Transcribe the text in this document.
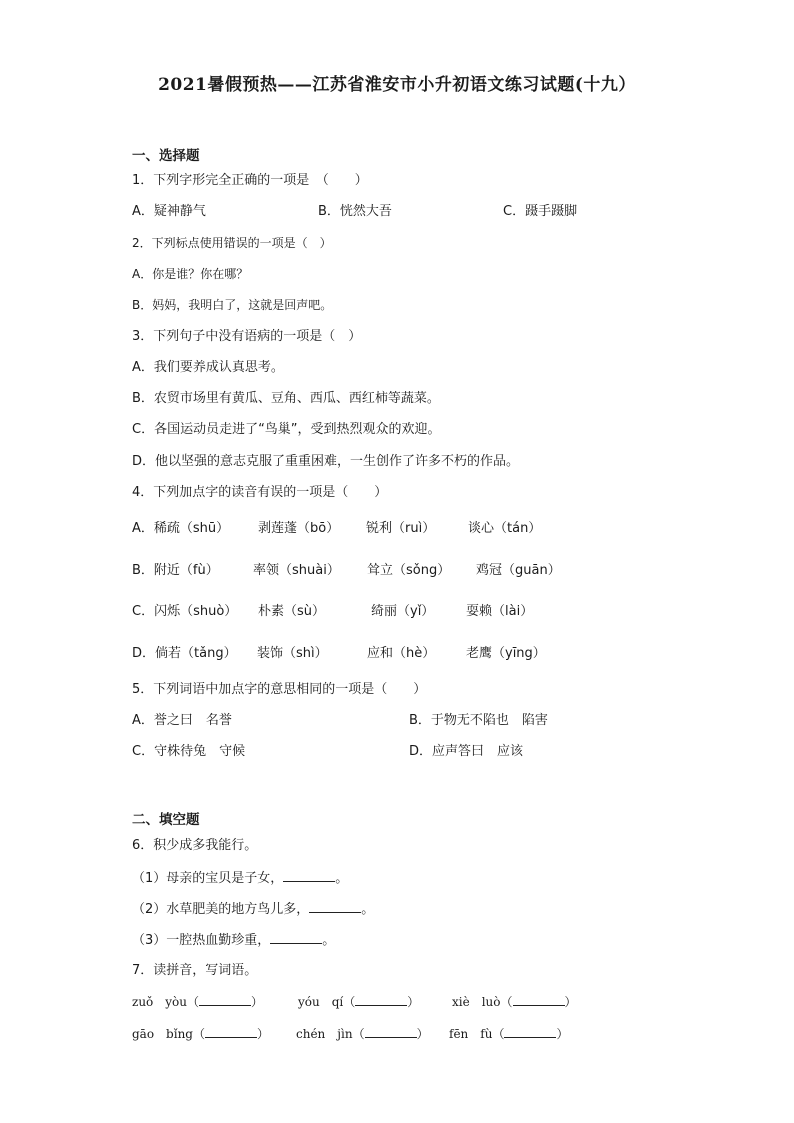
2021暑假预热——江苏省淮安市小升初语文练习试题(十九）
一、选择题
1．下列字形完全正确的一项是　（　　）
A．疑神静气	B．恍然大吾	C．蹑手蹑脚
2．下列标点使用错误的一项是（　）
A．你是谁？你在哪？
B．妈妈，我明白了，这就是回声吧。
3．下列句子中没有语病的一项是（　）
A．我们要养成认真思考。
B．农贸市场里有黄瓜、豆角、西瓜、西红柿等蔬菜。
C．各国运动员走进了“鸟巢”，受到热烈观众的欢迎。
D．他以坚强的意志克服了重重困难，一生创作了许多不朽的作品。
4．下列加点字的读音有误的一项是（　　）
A．稀疏（shū） 剥莲蓬（bō） 锐利（ruì）	谈心（tán）
B．附近（fù）	率领（shuài） 耸立（sǒng） 鸡冠（guān）
C．闪烁（shuò） 朴素（sù）	绮丽（yǐ） 耍赖（lài）
D．倘若（tǎng） 装饰（shì）	应和（hè） 老鹰（yīng）
5．下列词语中加点字的意思相同的一项是（　　）
A．誉之曰　名誉	B．于物无不陷也　陷害
C．守株待兔　守候	D．应声答曰　应该
二、填空题
6．积少成多我能行。
（1）母亲的宝贝是子女，	。
（2）水草肥美的地方鸟儿多，	。
（3）一腔热血勤珍重，	。
7．读拼音，写词语。
zuǒ　yòu（	）	yóu　qí（	）	xiè　luò（	）
gāo　bǐng（	） chén　jìn（	） fēn　fù（	）
